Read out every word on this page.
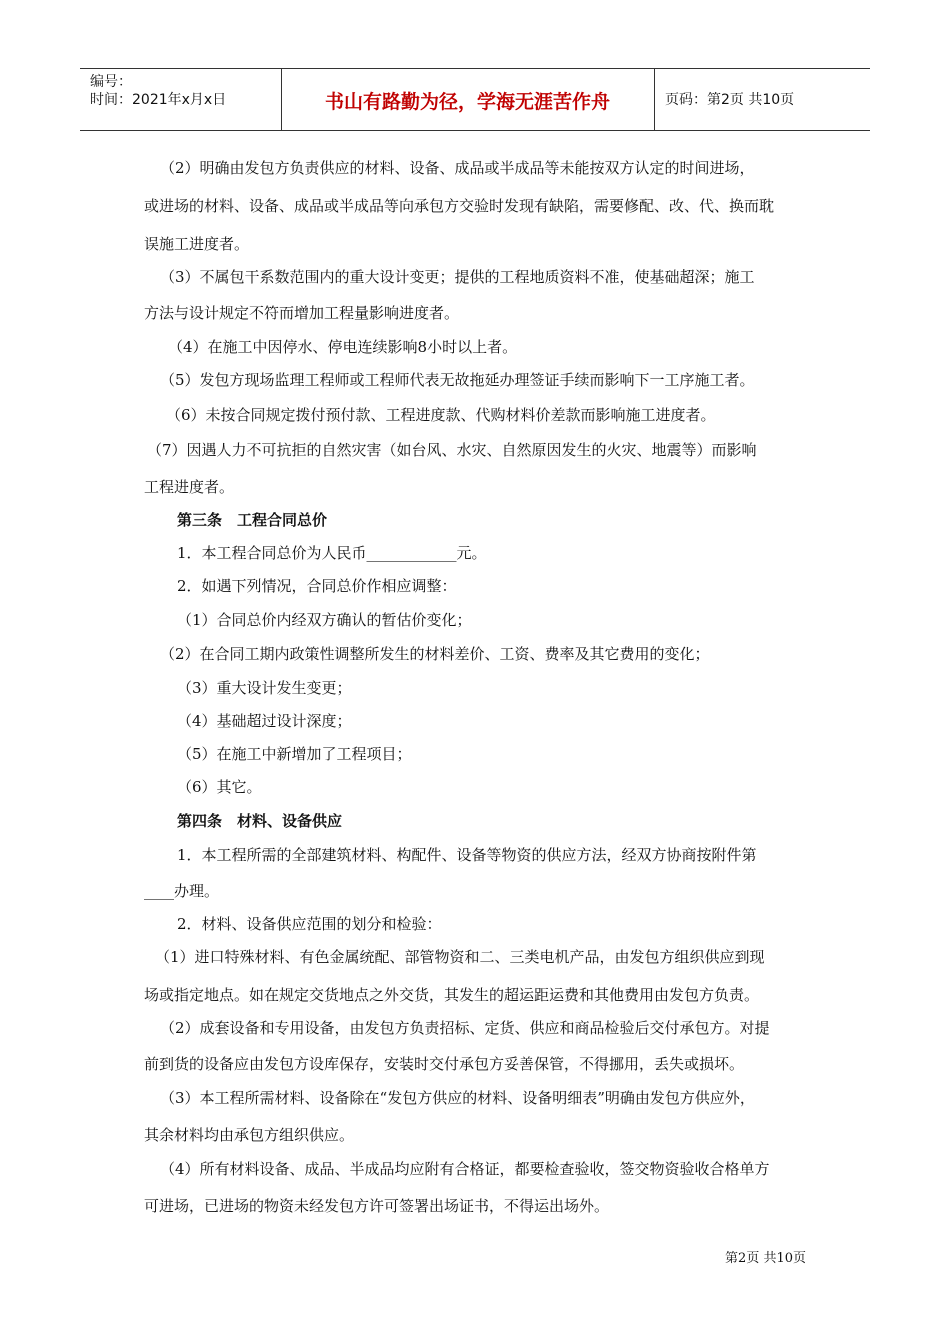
编号：
时间：2021年x月x日	书山有路勤为径，学海无涯苦作舟	页码：第2页 共10页
（2）明确由发包方负责供应的材料、设备、成品或半成品等未能按双方认定的时间进场，
或进场的材料、设备、成品或半成品等向承包方交验时发现有缺陷，需要修配、改、代、换而耽
误施工进度者。
（3）不属包干系数范围内的重大设计变更；提供的工程地质资料不准，使基础超深；施工
方法与设计规定不符而增加工程量影响进度者。
（4）在施工中因停水、停电连续影响8小时以上者。
（5）发包方现场监理工程师或工程师代表无故拖延办理签证手续而影响下一工序施工者。
（6）未按合同规定拨付预付款、工程进度款、代购材料价差款而影响施工进度者。
（7）因遇人力不可抗拒的自然灾害（如台风、水灾、自然原因发生的火灾、地震等）而影响
工程进度者。
第三条　工程合同总价
1．本工程合同总价为人民币____________元。
2．如遇下列情况，合同总价作相应调整：
（1）合同总价内经双方确认的暂估价变化；
（2）在合同工期内政策性调整所发生的材料差价、工资、费率及其它费用的变化；
（3）重大设计发生变更；
（4）基础超过设计深度；
（5）在施工中新增加了工程项目；
（6）其它。
第四条　材料、设备供应
1．本工程所需的全部建筑材料、构配件、设备等物资的供应方法，经双方协商按附件第
____办理。
2．材料、设备供应范围的划分和检验：
（1）进口特殊材料、有色金属统配、部管物资和二、三类电机产品，由发包方组织供应到现
场或指定地点。如在规定交货地点之外交货，其发生的超运距运费和其他费用由发包方负责。
（2）成套设备和专用设备，由发包方负责招标、定货、供应和商品检验后交付承包方。对提
前到货的设备应由发包方设库保存，安装时交付承包方妥善保管，不得挪用，丢失或损坏。
（3）本工程所需材料、设备除在“发包方供应的材料、设备明细表”明确由发包方供应外，
其余材料均由承包方组织供应。
（4）所有材料设备、成品、半成品均应附有合格证，都要检查验收，签交物资验收合格单方
可进场，已进场的物资未经发包方许可签署出场证书，不得运出场外。
第2页 共10页
